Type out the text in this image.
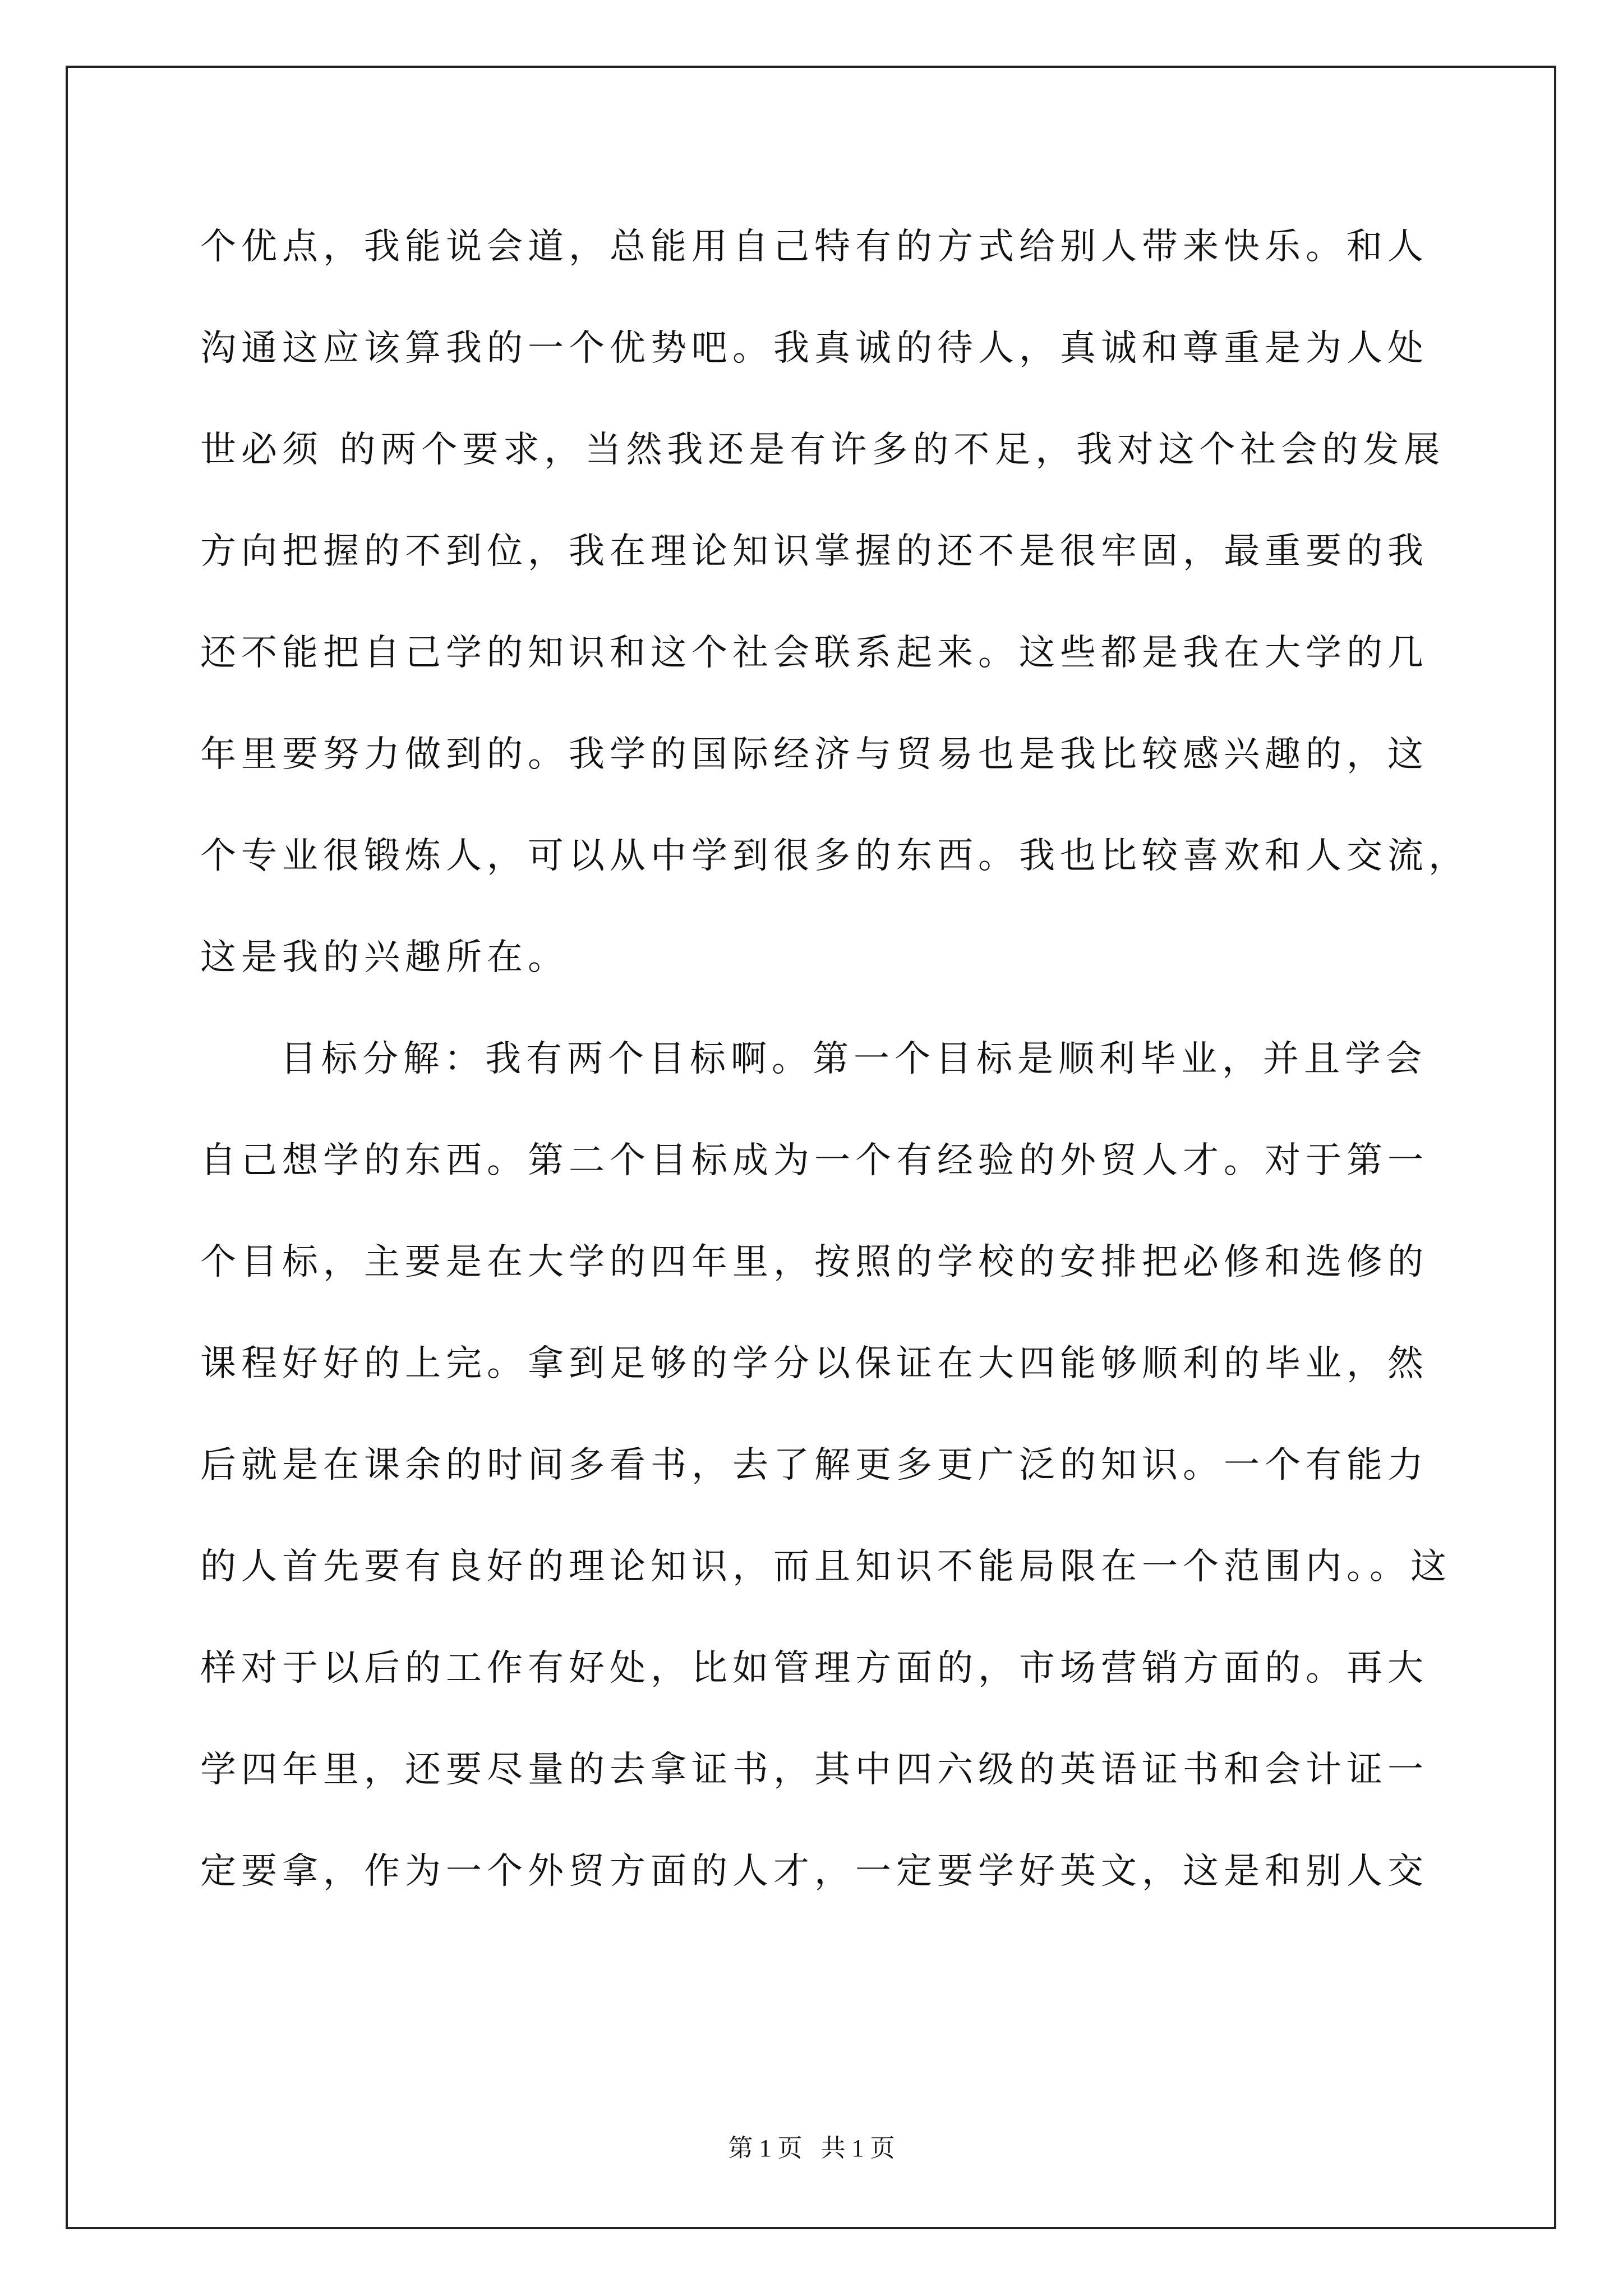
个优点，我能说会道，总能用自己特有的方式给别人带来快乐。和人

沟通这应该算我的一个优势吧。我真诚的待人，真诚和尊重是为人处

世必须 的两个要求，当然我还是有许多的不足，我对这个社会的发展

方向把握的不到位，我在理论知识掌握的还不是很牢固，最重要的我

还不能把自己学的知识和这个社会联系起来。这些都是我在大学的几

年里要努力做到的。我学的国际经济与贸易也是我比较感兴趣的，这

个专业很锻炼人，可以从中学到很多的东西。我也比较喜欢和人交流，

这是我的兴趣所在。

目标分解：我有两个目标啊。第一个目标是顺利毕业，并且学会

自己想学的东西。第二个目标成为一个有经验的外贸人才。对于第一

个目标，主要是在大学的四年里，按照的学校的安排把必修和选修的

课程好好的上完。拿到足够的学分以保证在大四能够顺利的毕业，然

后就是在课余的时间多看书，去了解更多更广泛的知识。一个有能力

的人首先要有良好的理论知识，而且知识不能局限在一个范围内。。这

样对于以后的工作有好处，比如管理方面的，市场营销方面的。再大

学四年里，还要尽量的去拿证书，其中四六级的英语证书和会计证一

定要拿，作为一个外贸方面的人才，一定要学好英文，这是和别人交

第 1 页   共 1 页
